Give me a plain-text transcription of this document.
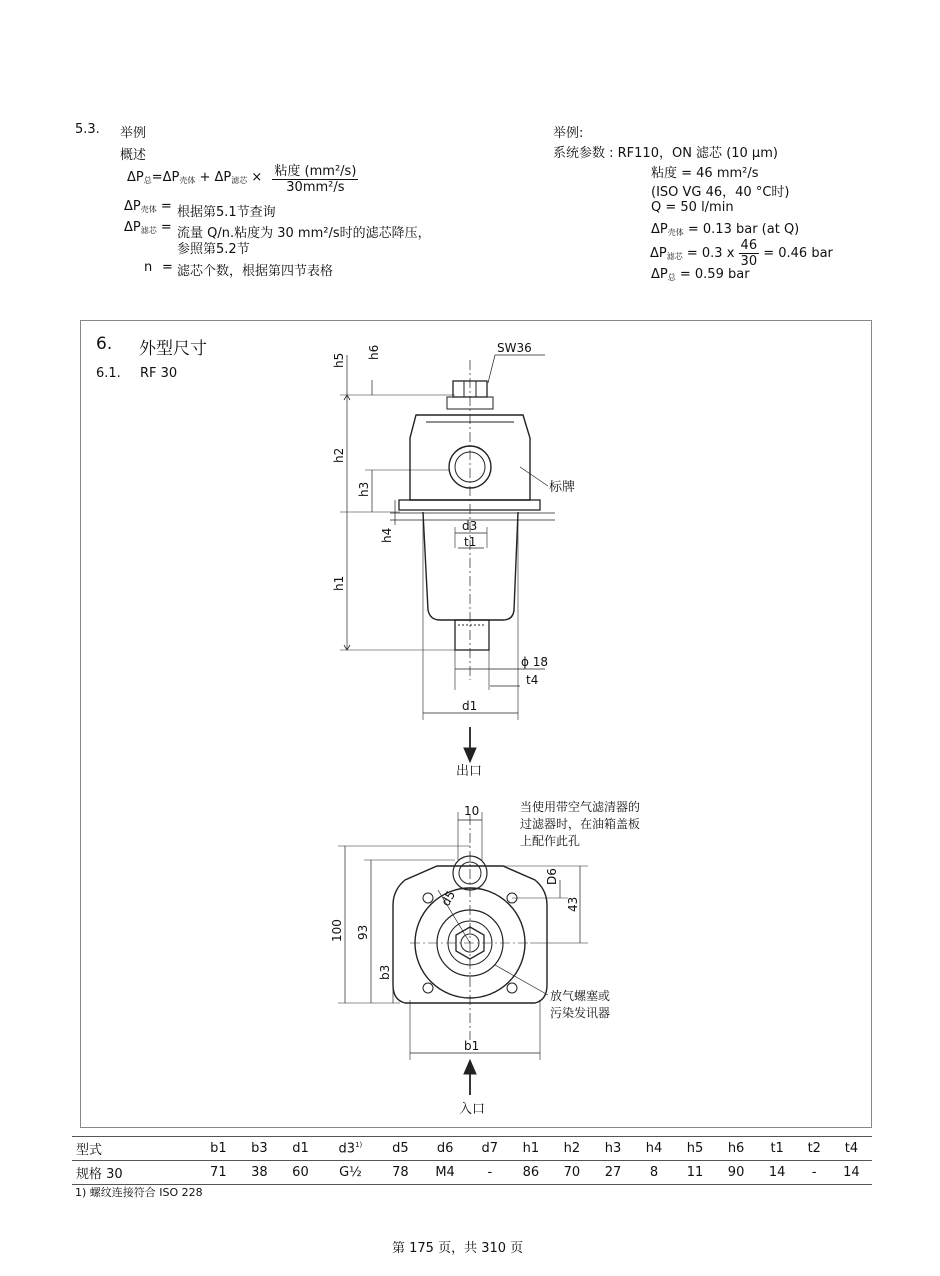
5.3. 举例
概述
$\Delta P_总=\Delta P_{壳体} + \Delta P_{滤芯} \times \frac{\text{粘度 (mm²/s)}}{\text{30mm²/s}}$
$\Delta P_{壳体}$ = 根据第5.1节查询
$\Delta P_{滤芯}$ = 流量 Q/n.粘度为 30 mm²/s时的滤芯降压，
参照第5.2节
n = 滤芯个数，根据第四节表格
举例:
系统参数 : RF110，ON 滤芯 (10 μm)
粘度 = 46 mm²/s
(ISO VG 46，40 °C时)
Q = 50 l/min
$\Delta P_{壳体} = 0.13$ bar (at Q)
$\Delta P_{滤芯} = 0.3$ x $\frac{46}{30} = 0.46$ bar
$\Delta P_总 = 0.59$ bar
6. 外型尺寸
6.1. RF 30
SW36
h5
h6
h2
h3
h4
h1
d3
t1
ϕ 18
t4
d1
标牌
出口
10	当使用带空气滤清器的
过滤器时，在油箱盖板
上配作此孔
D6
43
d5
100 93
b3
放气螺塞或
污染发讯器
b1
入口
型式	b1	b3	d1	d3$^{1)}$	d5	d6	d7	h1	h2	h3	h4	h5	h6	t1	t2	t4
规格 30	71	38	60	G½	78	M4	-	86	70	27	8	11	90	14	-	14
1) 螺纹连接符合 ISO 228
第 175 页，共 310 页
